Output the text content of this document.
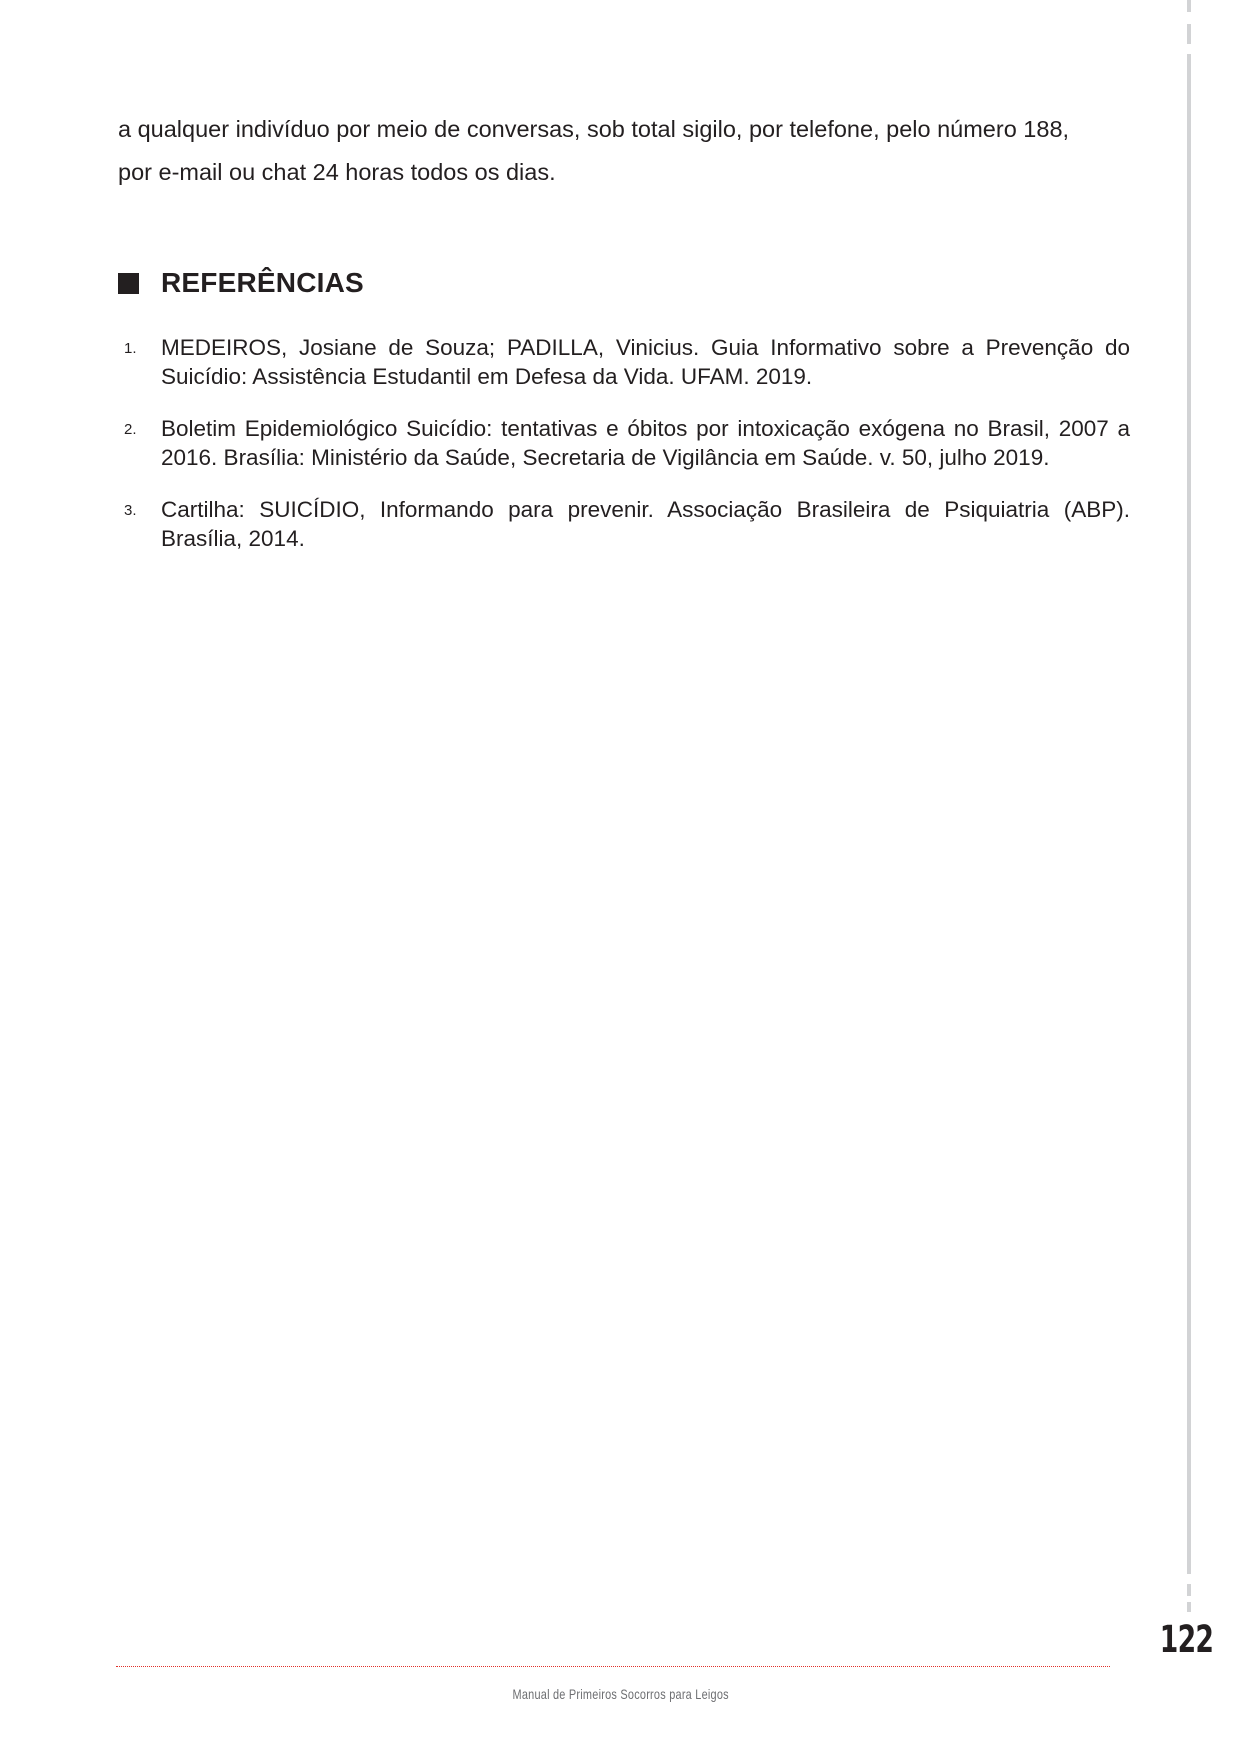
a qualquer indivíduo por meio de conversas, sob total sigilo, por telefone, pelo número 188,

por e-mail ou chat 24 horas todos os dias.

REFERÊNCIAS
1.	MEDEIROS, Josiane de Souza; PADILLA, Vinicius. Guia Informativo sobre a Prevenção do Suicídio: Assistência Estudantil em Defesa da Vida. UFAM. 2019.
2.	Boletim Epidemiológico Suicídio: tentativas e óbitos por intoxicação exógena no Brasil, 2007 a 2016. Brasília: Ministério da Saúde, Secretaria de Vigilância em Saúde. v. 50, julho 2019.
3.	Cartilha: SUICÍDIO, Informando para prevenir. Associação Brasileira de Psiquiatria (ABP). Brasília, 2014.
122
Manual de Primeiros Socorros para Leigos
